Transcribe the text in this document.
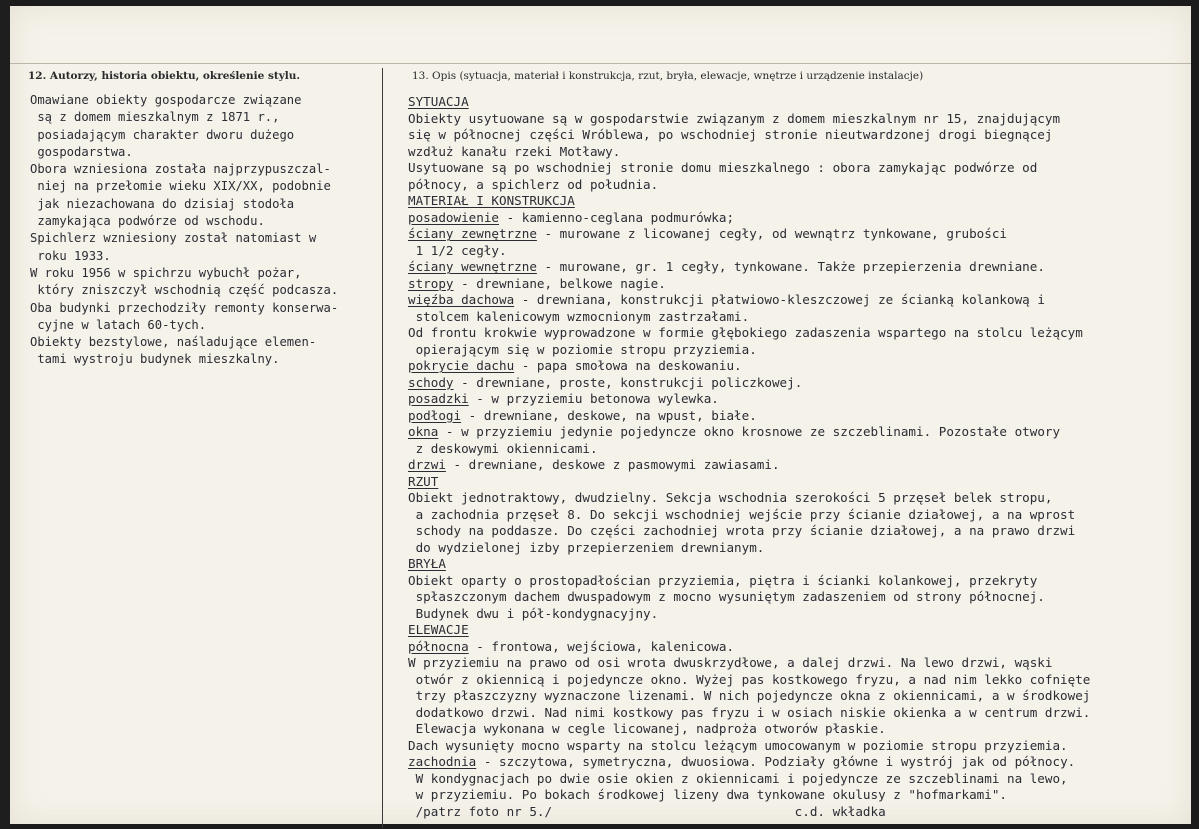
12. Autorzy, historia obiektu, określenie stylu.	13. Opis (sytuacja, materiał i konstrukcja, rzut, bryła, elewacje, wnętrze i urządzenie instalacje)
Omawiane obiekty gospodarcze związane
są z domem mieszkalnym z 1871 r.,
posiadającym charakter dworu dużego
gospodarstwa.
Obora wzniesiona została najprzypuszczal-
niej na przełomie wieku XIX/XX, podobnie
jak niezachowana do dzisiaj stodoła
zamykająca podwórze od wschodu.
Spichlerz wzniesiony został natomiast w
roku 1933.
W roku 1956 w spichrzu wybuchł pożar,
który zniszczył wschodnią część podcasza.
Oba budynki przechodziły remonty konserwa-
cyjne w latach 60-tych.
Obiekty bezstylowe, naśladujące elemen-
tami wystroju budynek mieszkalny.
SYTUACJA
Obiekty usytuowane są w gospodarstwie związanym z domem mieszkalnym nr 15, znajdującym
się w północnej części Wróblewa, po wschodniej stronie nieutwardzonej drogi biegnącej
wzdłuż kanału rzeki Motławy.
Usytuowane są po wschodniej stronie domu mieszkalnego : obora zamykając podwórze od
północy, a spichlerz od południa.
MATERIAŁ I KONSTRUKCJA
posadowienie - kamienno-ceglana podmurówka;
ściany zewnętrzne - murowane z licowanej cegły, od wewnątrz tynkowane, grubości
1 1/2 cegły.
ściany wewnętrzne - murowane, gr. 1 cegły, tynkowane. Także przepierzenia drewniane.
stropy - drewniane, belkowe nagie.
więźba dachowa - drewniana, konstrukcji płatwiowo-kleszczowej ze ścianką kolankową i
stolcem kalenicowym wzmocnionym zastrzałami.
Od frontu krokwie wyprowadzone w formie głębokiego zadaszenia wspartego na stolcu leżącym
opierającym się w poziomie stropu przyziemia.
pokrycie dachu - papa smołowa na deskowaniu.
schody - drewniane, proste, konstrukcji policzkowej.
posadzki - w przyziemiu betonowa wylewka.
podłogi - drewniane, deskowe, na wpust, białe.
okna - w przyziemiu jedynie pojedyncze okno krosnowe ze szczeblinami. Pozostałe otwory
z deskowymi okiennicami.
drzwi - drewniane, deskowe z pasmowymi zawiasami.
RZUT
Obiekt jednotraktowy, dwudzielny. Sekcja wschodnia szerokości 5 przęseł belek stropu,
a zachodnia przęseł 8. Do sekcji wschodniej wejście przy ścianie działowej, a na wprost
schody na poddasze. Do części zachodniej wrota przy ścianie działowej, a na prawo drzwi
do wydzielonej izby przepierzeniem drewnianym.
BRYŁA
Obiekt oparty o prostopadłościan przyziemia, piętra i ścianki kolankowej, przekryty
spłaszczonym dachem dwuspadowym z mocno wysuniętym zadaszeniem od strony północnej.
Budynek dwu i pół-kondygnacyjny.
ELEWACJE
północna - frontowa, wejściowa, kalenicowa.
W przyziemiu na prawo od osi wrota dwuskrzydłowe, a dalej drzwi. Na lewo drzwi, wąski
otwór z okiennicą i pojedyncze okno. Wyżej pas kostkowego fryzu, a nad nim lekko cofnięte
trzy płaszczyzny wyznaczone lizenami. W nich pojedyncze okna z okiennicami, a w środkowej
dodatkowo drzwi. Nad nimi kostkowy pas fryzu i w osiach niskie okienka a w centrum drzwi.
Elewacja wykonana w cegle licowanej, nadproża otworów płaskie.
Dach wysunięty mocno wsparty na stolcu leżącym umocowanym w poziomie stropu przyziemia.
zachodnia - szczytowa, symetryczna, dwuosiowa. Podziały główne i wystrój jak od północy.
W kondygnacjach po dwie osie okien z okiennicami i pojedyncze ze szczeblinami na lewo,
w przyziemiu. Po bokach środkowej lizeny dwa tynkowane okulusy z "hofmarkami".
/patrz foto nr 5./                                c.d. wkładka
